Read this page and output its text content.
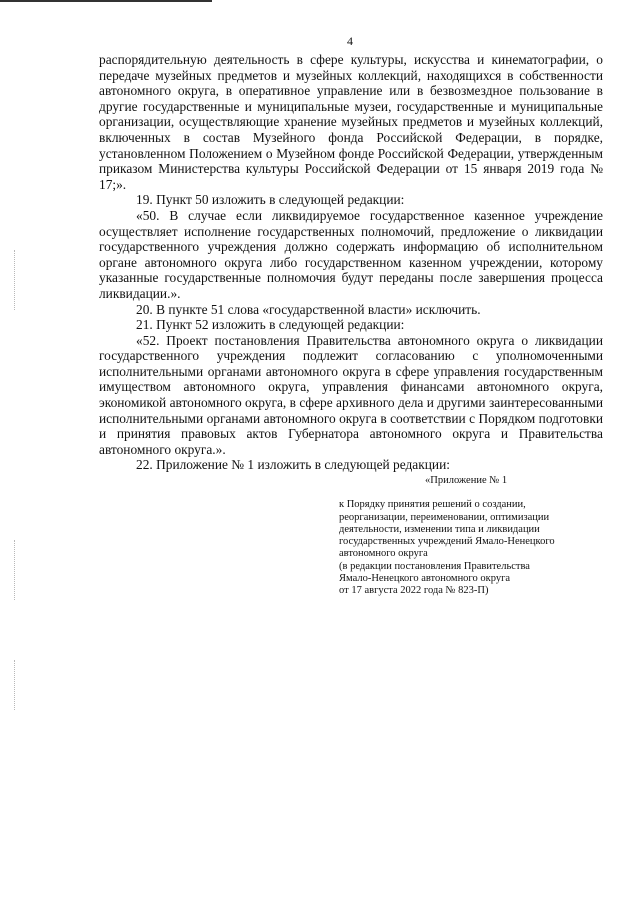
4

распорядительную деятельность в сфере культуры, искусства и кинематографии, о передаче музейных предметов и музейных коллекций, находящихся в собственности автономного округа, в оперативное управление или в безвозмездное пользование в другие государственные и муниципальные музеи, государственные и муниципальные организации, осуществляющие хранение музейных предметов и музейных коллекций, включенных в состав Музейного фонда Российской Федерации, в порядке, установленном Положением о Музейном фонде Российской Федерации, утвержденным приказом Министерства культуры Российской Федерации от 15 января 2019 года № 17;».

19. Пункт 50 изложить в следующей редакции:

«50. В случае если ликвидируемое государственное казенное учреждение осуществляет исполнение государственных полномочий, предложение о ликвидации государственного учреждения должно содержать информацию об исполнительном органе автономного округа либо государственном казенном учреждении, которому указанные государственные полномочия будут переданы после завершения процесса ликвидации.».

20. В пункте 51 слова «государственной власти» исключить.

21. Пункт 52 изложить в следующей редакции:

«52. Проект постановления Правительства автономного округа о ликвидации государственного учреждения подлежит согласованию с уполномоченными исполнительными органами автономного округа в сфере управления государственным имуществом автономного округа, управления финансами автономного округа, экономикой автономного округа, в сфере архивного дела и другими заинтересованными исполнительными органами автономного округа в соответствии с Порядком подготовки и принятия правовых актов Губернатора автономного округа и Правительства автономного округа.».

22. Приложение № 1 изложить в следующей редакции:

«Приложение № 1
к Порядку принятия решений о создании,
реорганизации, переименовании, оптимизации
деятельности, изменении типа и ликвидации
государственных учреждений Ямало-Ненецкого
автономного округа
(в редакции постановления Правительства
Ямало-Ненецкого автономного округа
от 17 августа 2022 года № 823-П)
